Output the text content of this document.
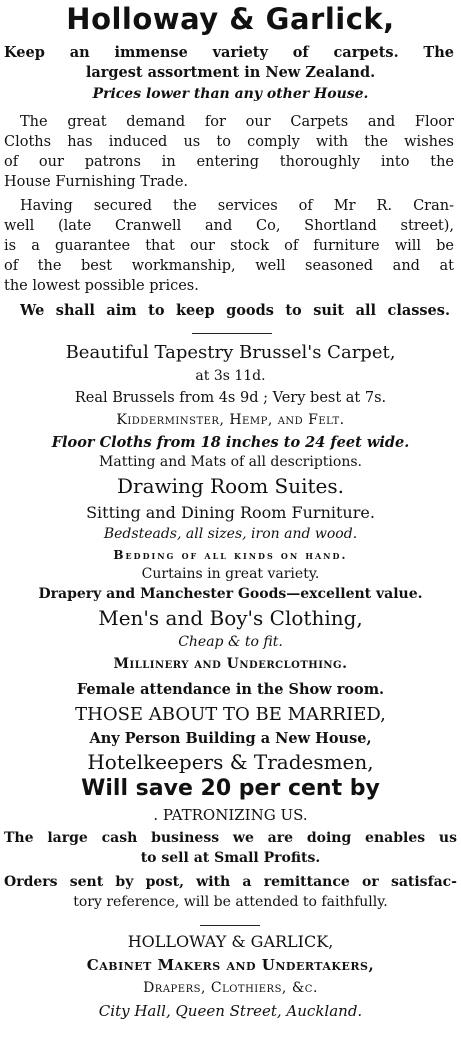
Holloway & Garlick,
Keep an immense variety of carpets. The
largest assortment in New Zealand.
Prices lower than any other House.
The great demand for our Carpets and Floor
Cloths has induced us to comply with the wishes
of our patrons in entering thoroughly into the
House Furnishing Trade.
Having secured the services of Mr R. Cran-
well (late Cranwell and Co, Shortland street),
is a guarantee that our stock of furniture will be
of the best workmanship, well seasoned and at
the lowest possible prices.
We shall aim to keep goods to suit all classes.
Beautiful Tapestry Brussel's Carpet,
at 3s 11d.
Real Brussels from 4s 9d ; Very best at 7s.
Kidderminster, Hemp, and Felt.
Floor Cloths from 18 inches to 24 feet wide.
Matting and Mats of all descriptions.
Drawing Room Suites.
Sitting and Dining Room Furniture.
Bedsteads, all sizes, iron and wood.
Bedding of all kinds on hand.
Curtains in great variety.
Drapery and Manchester Goods—excellent value.
Men's and Boy's Clothing,
Cheap & to fit.
Millinery and Underclothing.
Female attendance in the Show room.
THOSE ABOUT TO BE MARRIED,
Any Person Building a New House,
Hotelkeepers & Tradesmen,
Will save 20 per cent by
. PATRONIZING US.
The large cash business we are doing enables us
to sell at Small Profits.
Orders sent by post, with a remittance or satisfac-
tory reference, will be attended to faithfully.
HOLLOWAY & GARLICK,
Cabinet Makers and Undertakers,
Drapers, Clothiers, &c.
City Hall, Queen Street, Auckland.
